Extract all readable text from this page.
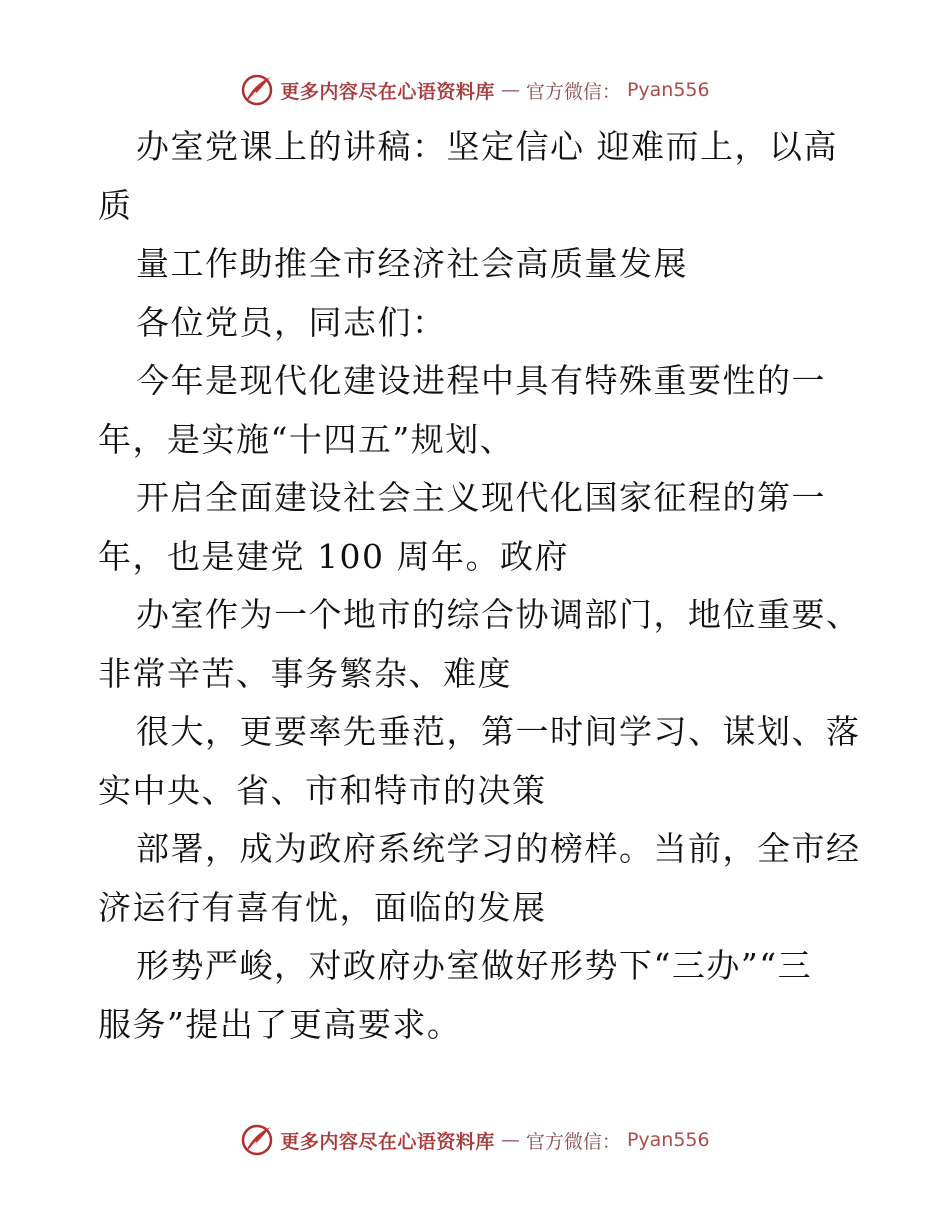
更多内容尽在心语资料库 — 官方微信： Pyan556
办室党课上的讲稿：坚定信心 迎难而上，以高
质
量工作助推全市经济社会高质量发展
各位党员，同志们：
今年是现代化建设进程中具有特殊重要性的一
年，是实施“十四五”规划、
开启全面建设社会主义现代化国家征程的第一
年，也是建党 100 周年。政府
办室作为一个地市的综合协调部门，地位重要、
非常辛苦、事务繁杂、难度
很大，更要率先垂范，第一时间学习、谋划、落
实中央、省、市和特市的决策
部署，成为政府系统学习的榜样。当前，全市经
济运行有喜有忧，面临的发展
形势严峻，对政府办室做好形势下“三办”“三
服务”提出了更高要求。
更多内容尽在心语资料库 — 官方微信： Pyan556
